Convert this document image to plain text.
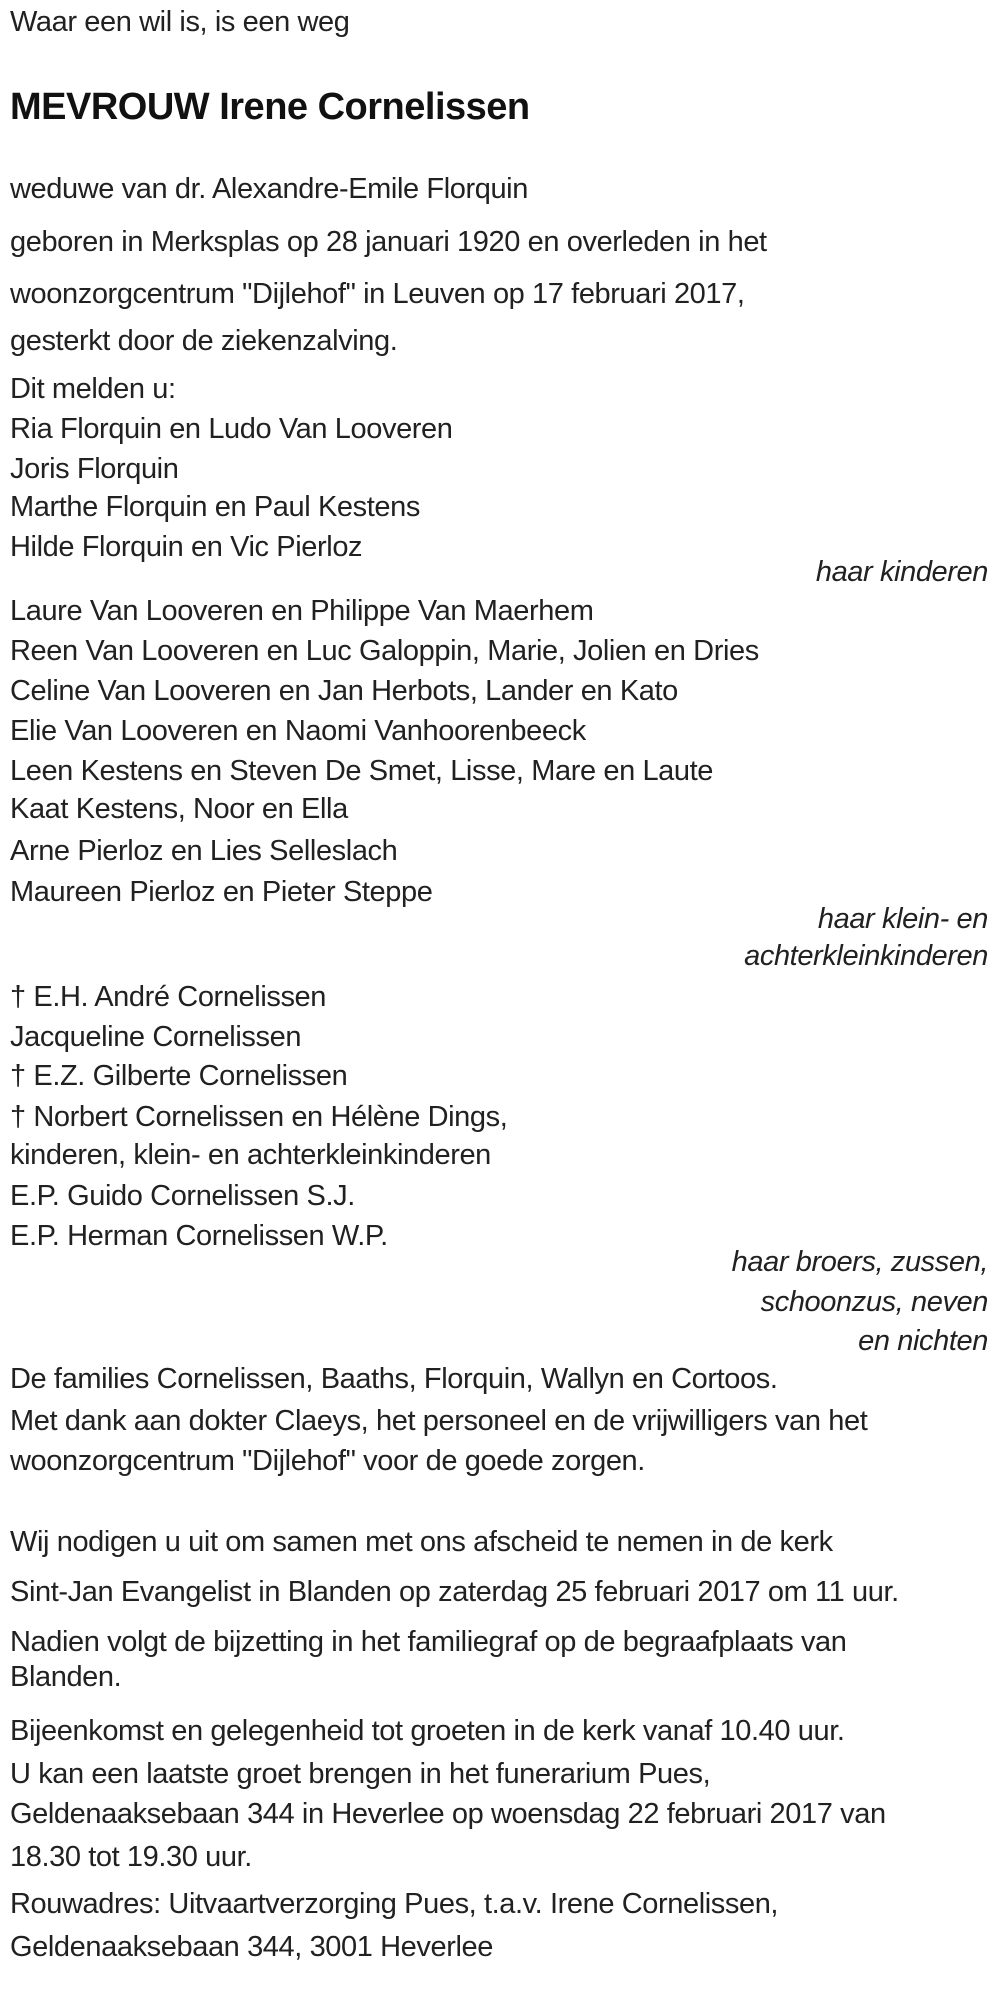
Waar een wil is, is een weg
MEVROUW Irene Cornelissen
weduwe van dr. Alexandre-Emile Florquin
geboren in Merksplas op 28 januari 1920 en overleden in het
woonzorgcentrum "Dijlehof" in Leuven op 17 februari 2017,
gesterkt door de ziekenzalving.
Dit melden u:
Ria Florquin en Ludo Van Looveren
Joris Florquin
Marthe Florquin en Paul Kestens
Hilde Florquin en Vic Pierloz
haar kinderen
Laure Van Looveren en Philippe Van Maerhem
Reen Van Looveren en Luc Galoppin, Marie, Jolien en Dries
Celine Van Looveren en Jan Herbots, Lander en Kato
Elie Van Looveren en Naomi Vanhoorenbeeck
Leen Kestens en Steven De Smet, Lisse, Mare en Laute
Kaat Kestens, Noor en Ella
Arne Pierloz en Lies Selleslach
Maureen Pierloz en Pieter Steppe
haar klein- en
achterkleinkinderen
† E.H. André Cornelissen
Jacqueline Cornelissen
† E.Z. Gilberte Cornelissen
† Norbert Cornelissen en Hélène Dings,
kinderen, klein- en achterkleinkinderen
E.P. Guido Cornelissen S.J.
E.P. Herman Cornelissen W.P.
haar broers, zussen,
schoonzus, neven
en nichten
De families Cornelissen, Baaths, Florquin, Wallyn en Cortoos.
Met dank aan dokter Claeys, het personeel en de vrijwilligers van het
woonzorgcentrum "Dijlehof" voor de goede zorgen.
Wij nodigen u uit om samen met ons afscheid te nemen in de kerk
Sint-Jan Evangelist in Blanden op zaterdag 25 februari 2017 om 11 uur.
Nadien volgt de bijzetting in het familiegraf op de begraafplaats van
Blanden.
Bijeenkomst en gelegenheid tot groeten in de kerk vanaf 10.40 uur.
U kan een laatste groet brengen in het funerarium Pues,
Geldenaaksebaan 344 in Heverlee op woensdag 22 februari 2017 van
18.30 tot 19.30 uur.
Rouwadres: Uitvaartverzorging Pues, t.a.v. Irene Cornelissen,
Geldenaaksebaan 344, 3001 Heverlee
